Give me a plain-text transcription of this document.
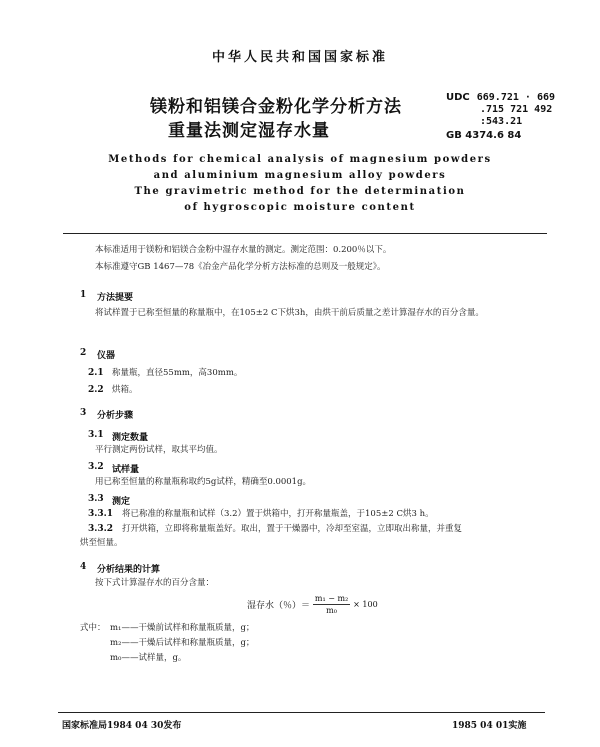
中华人民共和国国家标准
镁粉和铝镁合金粉化学分析方法
重量法测定湿存水量
UDC 669.721 · 669
.715 721 492
:543.21
GB 4374.6 84
Methods for chemical analysis of magnesium powders
and aluminium magnesium alloy powders
The gravimetric method for the determination
of hygroscopic moisture content
本标准适用于镁粉和铝镁合金粉中湿存水量的测定。测定范围：0.200％以下。
本标准遵守GB 1467—78《冶金产品化学分析方法标准的总则及一般规定》。
1 方法提要
将试样置于已称至恒量的称量瓶中，在105±2 C下烘3h，由烘干前后质量之差计算湿存水的百分含量。
2 仪器
2.1 称量瓶，直径55mm，高30mm。
2.2 烘箱。
3 分析步骤
3.1 测定数量
平行测定两份试样，取其平均值。
3.2 试样量
用已称至恒量的称量瓶称取约5g试样，精确至0.0001g。
3.3 测定
3.3.1 将已称准的称量瓶和试样（3.2）置于烘箱中，打开称量瓶盖，于105±2 C烘3 h。
3.3.2 打开烘箱，立即将称量瓶盖好。取出，置于干燥器中，冷却至室温，立即取出称量，并重复
烘至恒量。
4 分析结果的计算
按下式计算湿存水的百分含量：
湿存水（％）＝ $\frac{\text{m₁ − m₂}}{\text{m₀}} \times 100$
式中： m₁——干燥前试样和称量瓶质量，g；
m₂——干燥后试样和称量瓶质量，g；
m₀——试样量，g。
国家标准局1984 04 30发布	1985 04 01实施
